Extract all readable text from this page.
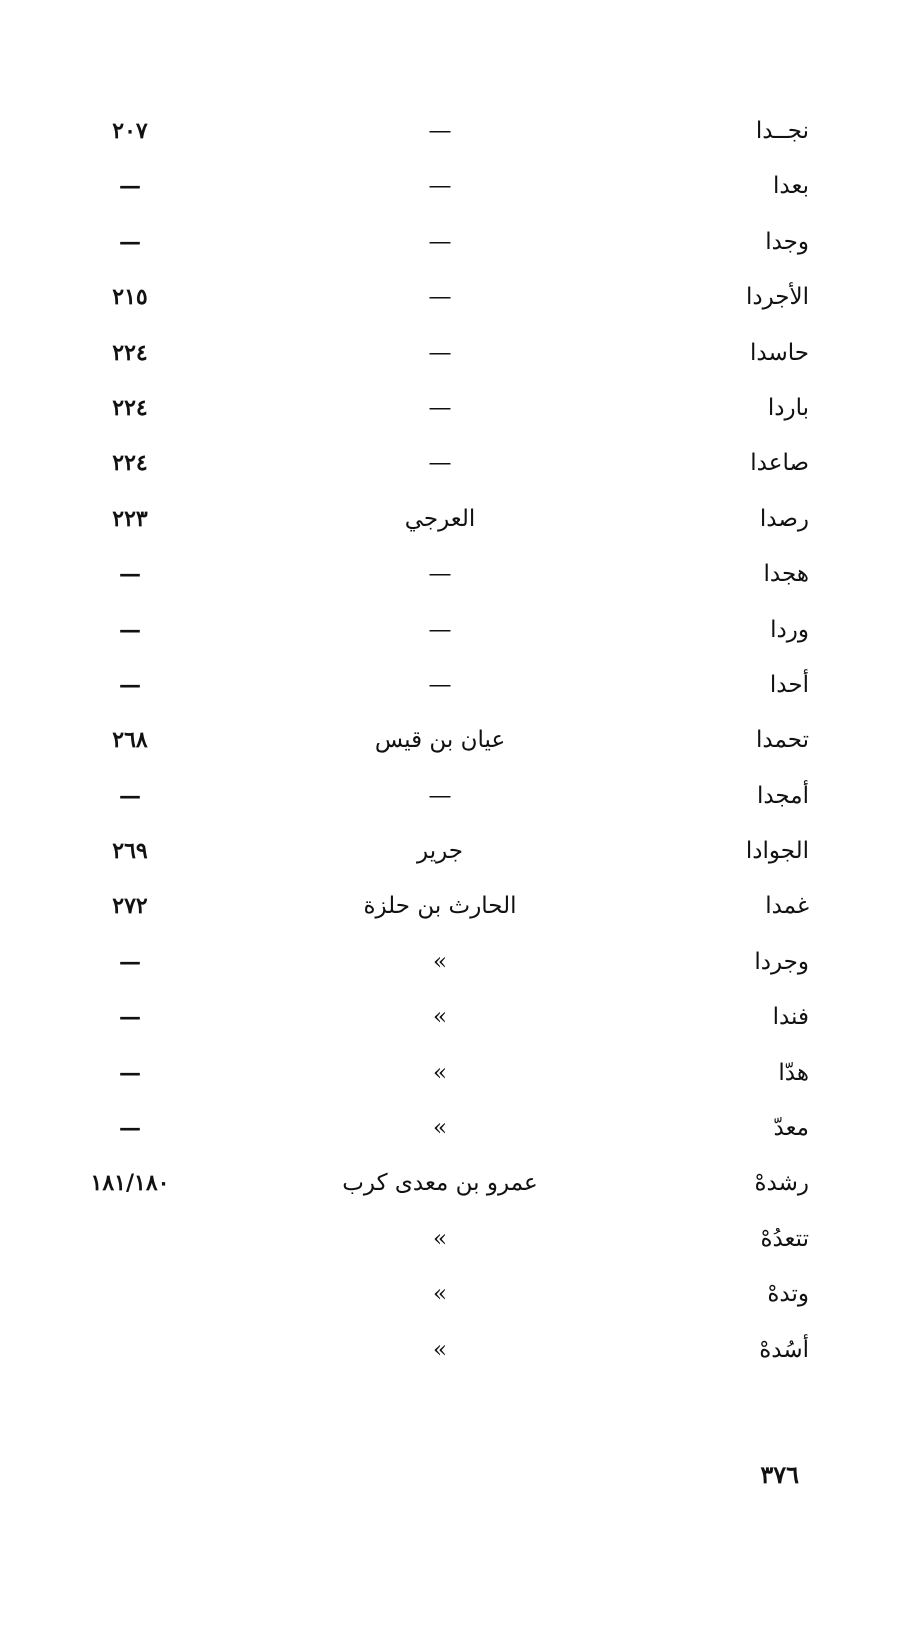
نجــدا
—
٢٠٧
بعدا
—
—
وجدا
—
—
الأجردا
—
٢١٥
حاسدا
—
٢٢٤
باردا
—
٢٢٤
صاعدا
—
٢٢٤
رصدا
العرجي
٢٢٣
هجدا
—
—
وردا
—
—
أحدا
—
—
تحمدا
عيان بن قيس
٢٦٨
أمجدا
—
—
الجوادا
جرير
٢٦٩
غمدا
الحارث بن حلزة
٢٧٢
وجردا
»
—
فندا
»
—
هدّا
»
—
معدّ
»
—
رشدهْ
عمرو بن معدى كرب
١٨١/١٨٠
تتعدُهْ
»
وتدهْ
»
أسُدهْ
»
٣٧٦
